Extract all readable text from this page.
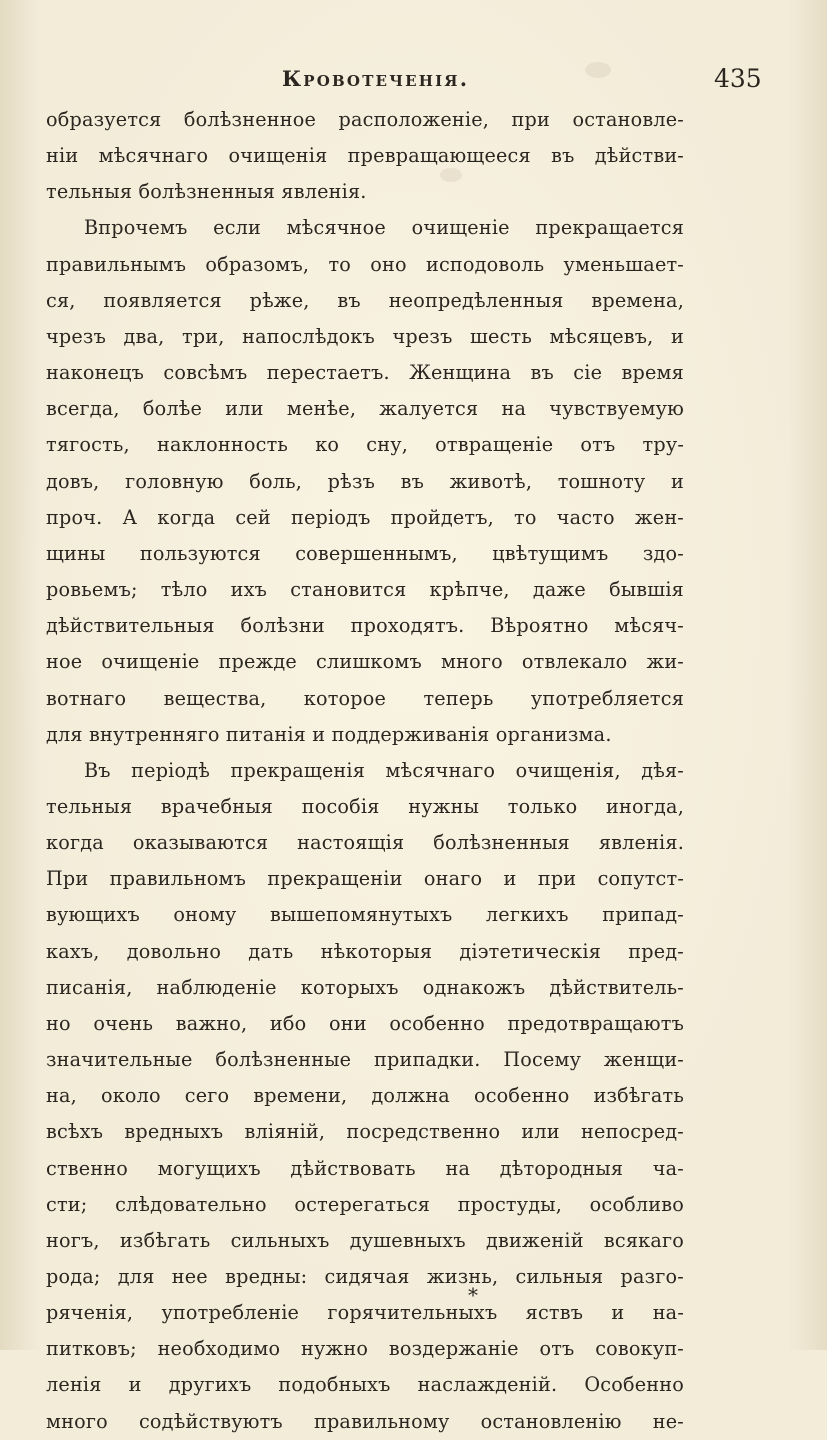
Кровотеченія.	435
образуется болѣзненное расположеніе, при остановле-
ніи мѣсячнаго очищенія превращающееся въ дѣйстви-
тельныя болѣзненныя явленія.
Впрочемъ если мѣсячное очищеніе прекращается
правильнымъ образомъ, то оно исподоволь уменьшает-
ся, появляется рѣже, въ неопредѣленныя времена,
чрезъ два, три, напослѣдокъ чрезъ шесть мѣсяцевъ, и
наконецъ совсѣмъ перестаетъ. Женщина въ сіе время
всегда, болѣе или менѣе, жалуется на чувствуемую
тягость, наклонность ко сну, отвращеніе отъ тру-
довъ, головную боль, рѣзъ въ животѣ, тошноту и
проч. А когда сей періодъ пройдетъ, то часто жен-
щины пользуются совершеннымъ, цвѣтущимъ здо-
ровьемъ; тѣло ихъ становится крѣпче, даже бывшія
дѣйствительныя болѣзни проходятъ. Вѣроятно мѣсяч-
ное очищеніе прежде слишкомъ много отвлекало жи-
вотнаго вещества, которое теперь употребляется
для внутренняго питанія и поддерживанія организма.
Въ періодѣ прекращенія мѣсячнаго очищенія, дѣя-
тельныя врачебныя пособія нужны только иногда,
когда оказываются настоящія болѣзненныя явленія.
При правильномъ прекращеніи онаго и при сопутст-
вующихъ оному вышепомянутыхъ легкихъ припад-
кахъ, довольно дать нѣкоторыя діэтетическія пред-
писанія, наблюденіе которыхъ однакожъ дѣйствитель-
но очень важно, ибо они особенно предотвращаютъ
значительные болѣзненные припадки. Посему женщи-
на, около сего времени, должна особенно избѣгать
всѣхъ вредныхъ вліяній, посредственно или непосред-
ственно могущихъ дѣйствовать на дѣтородныя ча-
сти; слѣдовательно остерегаться простуды, особливо
ногъ, избѣгать сильныхъ душевныхъ движеній всякаго
рода; для нее вредны: сидячая жизнь, сильныя разго-
ряченія, употребленіе горячительныхъ яствъ и на-
питковъ; необходимо нужно воздержаніе отъ совокуп-
ленія и другихъ подобныхъ наслажденій. Особенно
много содѣйствуютъ правильному остановленію не-
*
